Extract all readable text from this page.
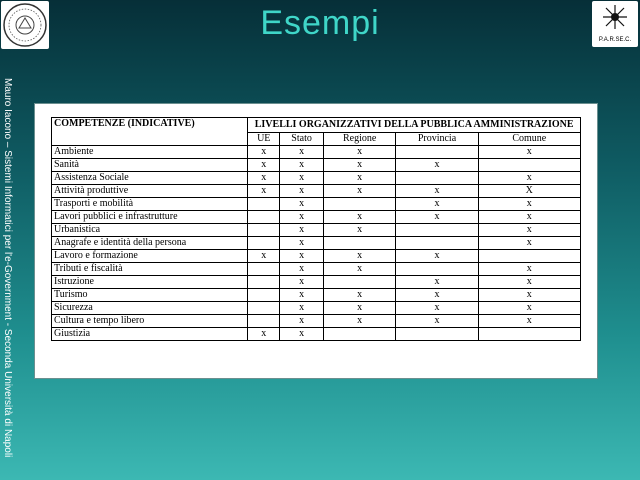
Esempi	P.A.R.SE.C.
Mauro Iacono – Sistemi Informatici per l'e-Government - Seconda Università di Napoli	COMPETENZE (INDICATIVE)	LIVELLI ORGANIZZATIVI DELLA PUBBLICA AMMINISTRAZIONE				
	UE	Stato	Regione	Provincia	Comune
Ambiente	x	x	x		x
Sanità	x	x	x	x	
Assistenza Sociale	x	x	x		x
Attività produttive	x	x	x	x	X
Trasporti e mobilità		x		x	x
Lavori pubblici e infrastrutture		x	x	x	x
Urbanistica		x	x		x
Anagrafe e identità della persona		x			x
Lavoro e formazione	x	x	x	x	
Tributi e fiscalità		x	x		x
Istruzione		x		x	x
Turismo		x	x	x	x
Sicurezza		x	x	x	x
Cultura e tempo libero		x	x	x	x
Giustizia	x	x			
